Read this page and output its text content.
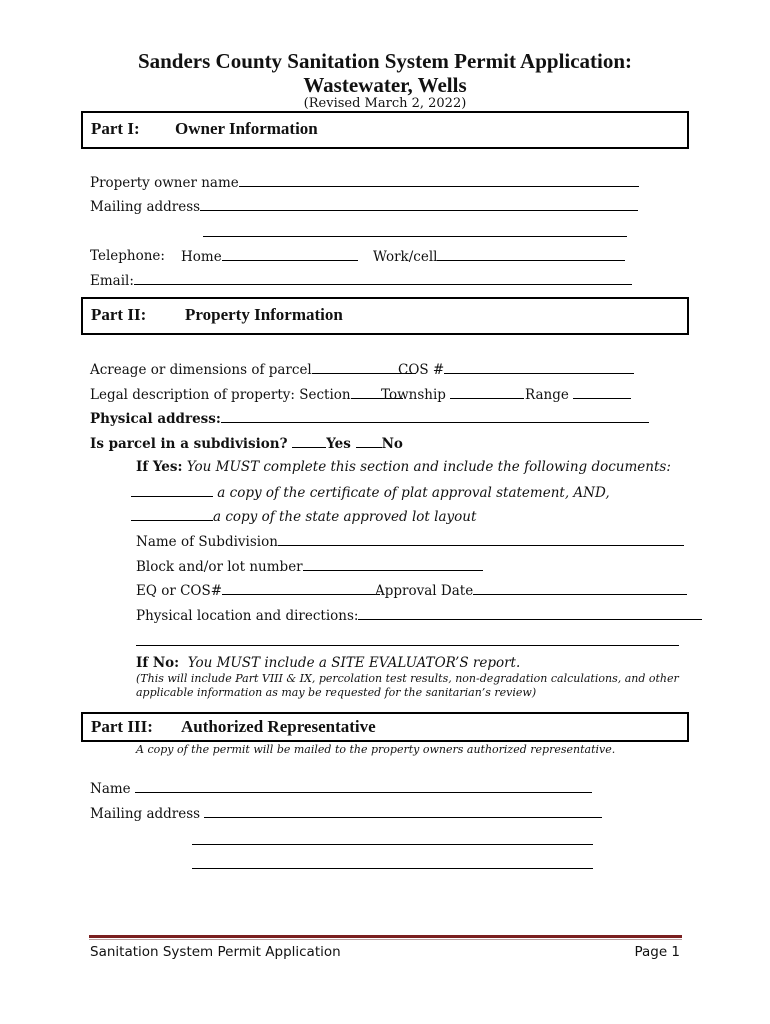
Sanders County Sanitation System Permit Application:
Wastewater, Wells
(Revised March 2, 2022)
Part I: Owner Information
Property owner name
Mailing address
Telephone: Home	Work/cell
Email:
Part II: Property Information
Acreage or dimensions of parcel	COS #
Legal description of property: Section	Township	Range
Physical address:
Is parcel in a subdivision?	Yes No
If Yes: You MUST complete this section and include the following documents:
a copy of the certificate of plat approval statement, AND,
a copy of the state approved lot layout
Name of Subdivision
Block and/or lot number
EQ or COS#	Approval Date
Physical location and directions:
If No: You MUST include a SITE EVALUATOR’S report.
(This will include Part VIII & IX, percolation test results, non-degradation calculations, and other
applicable information as may be requested for the sanitarian’s review)
Part III: Authorized Representative
A copy of the permit will be mailed to the property owners authorized representative.
Name
Mailing address
Sanitation System Permit Application	Page 1
